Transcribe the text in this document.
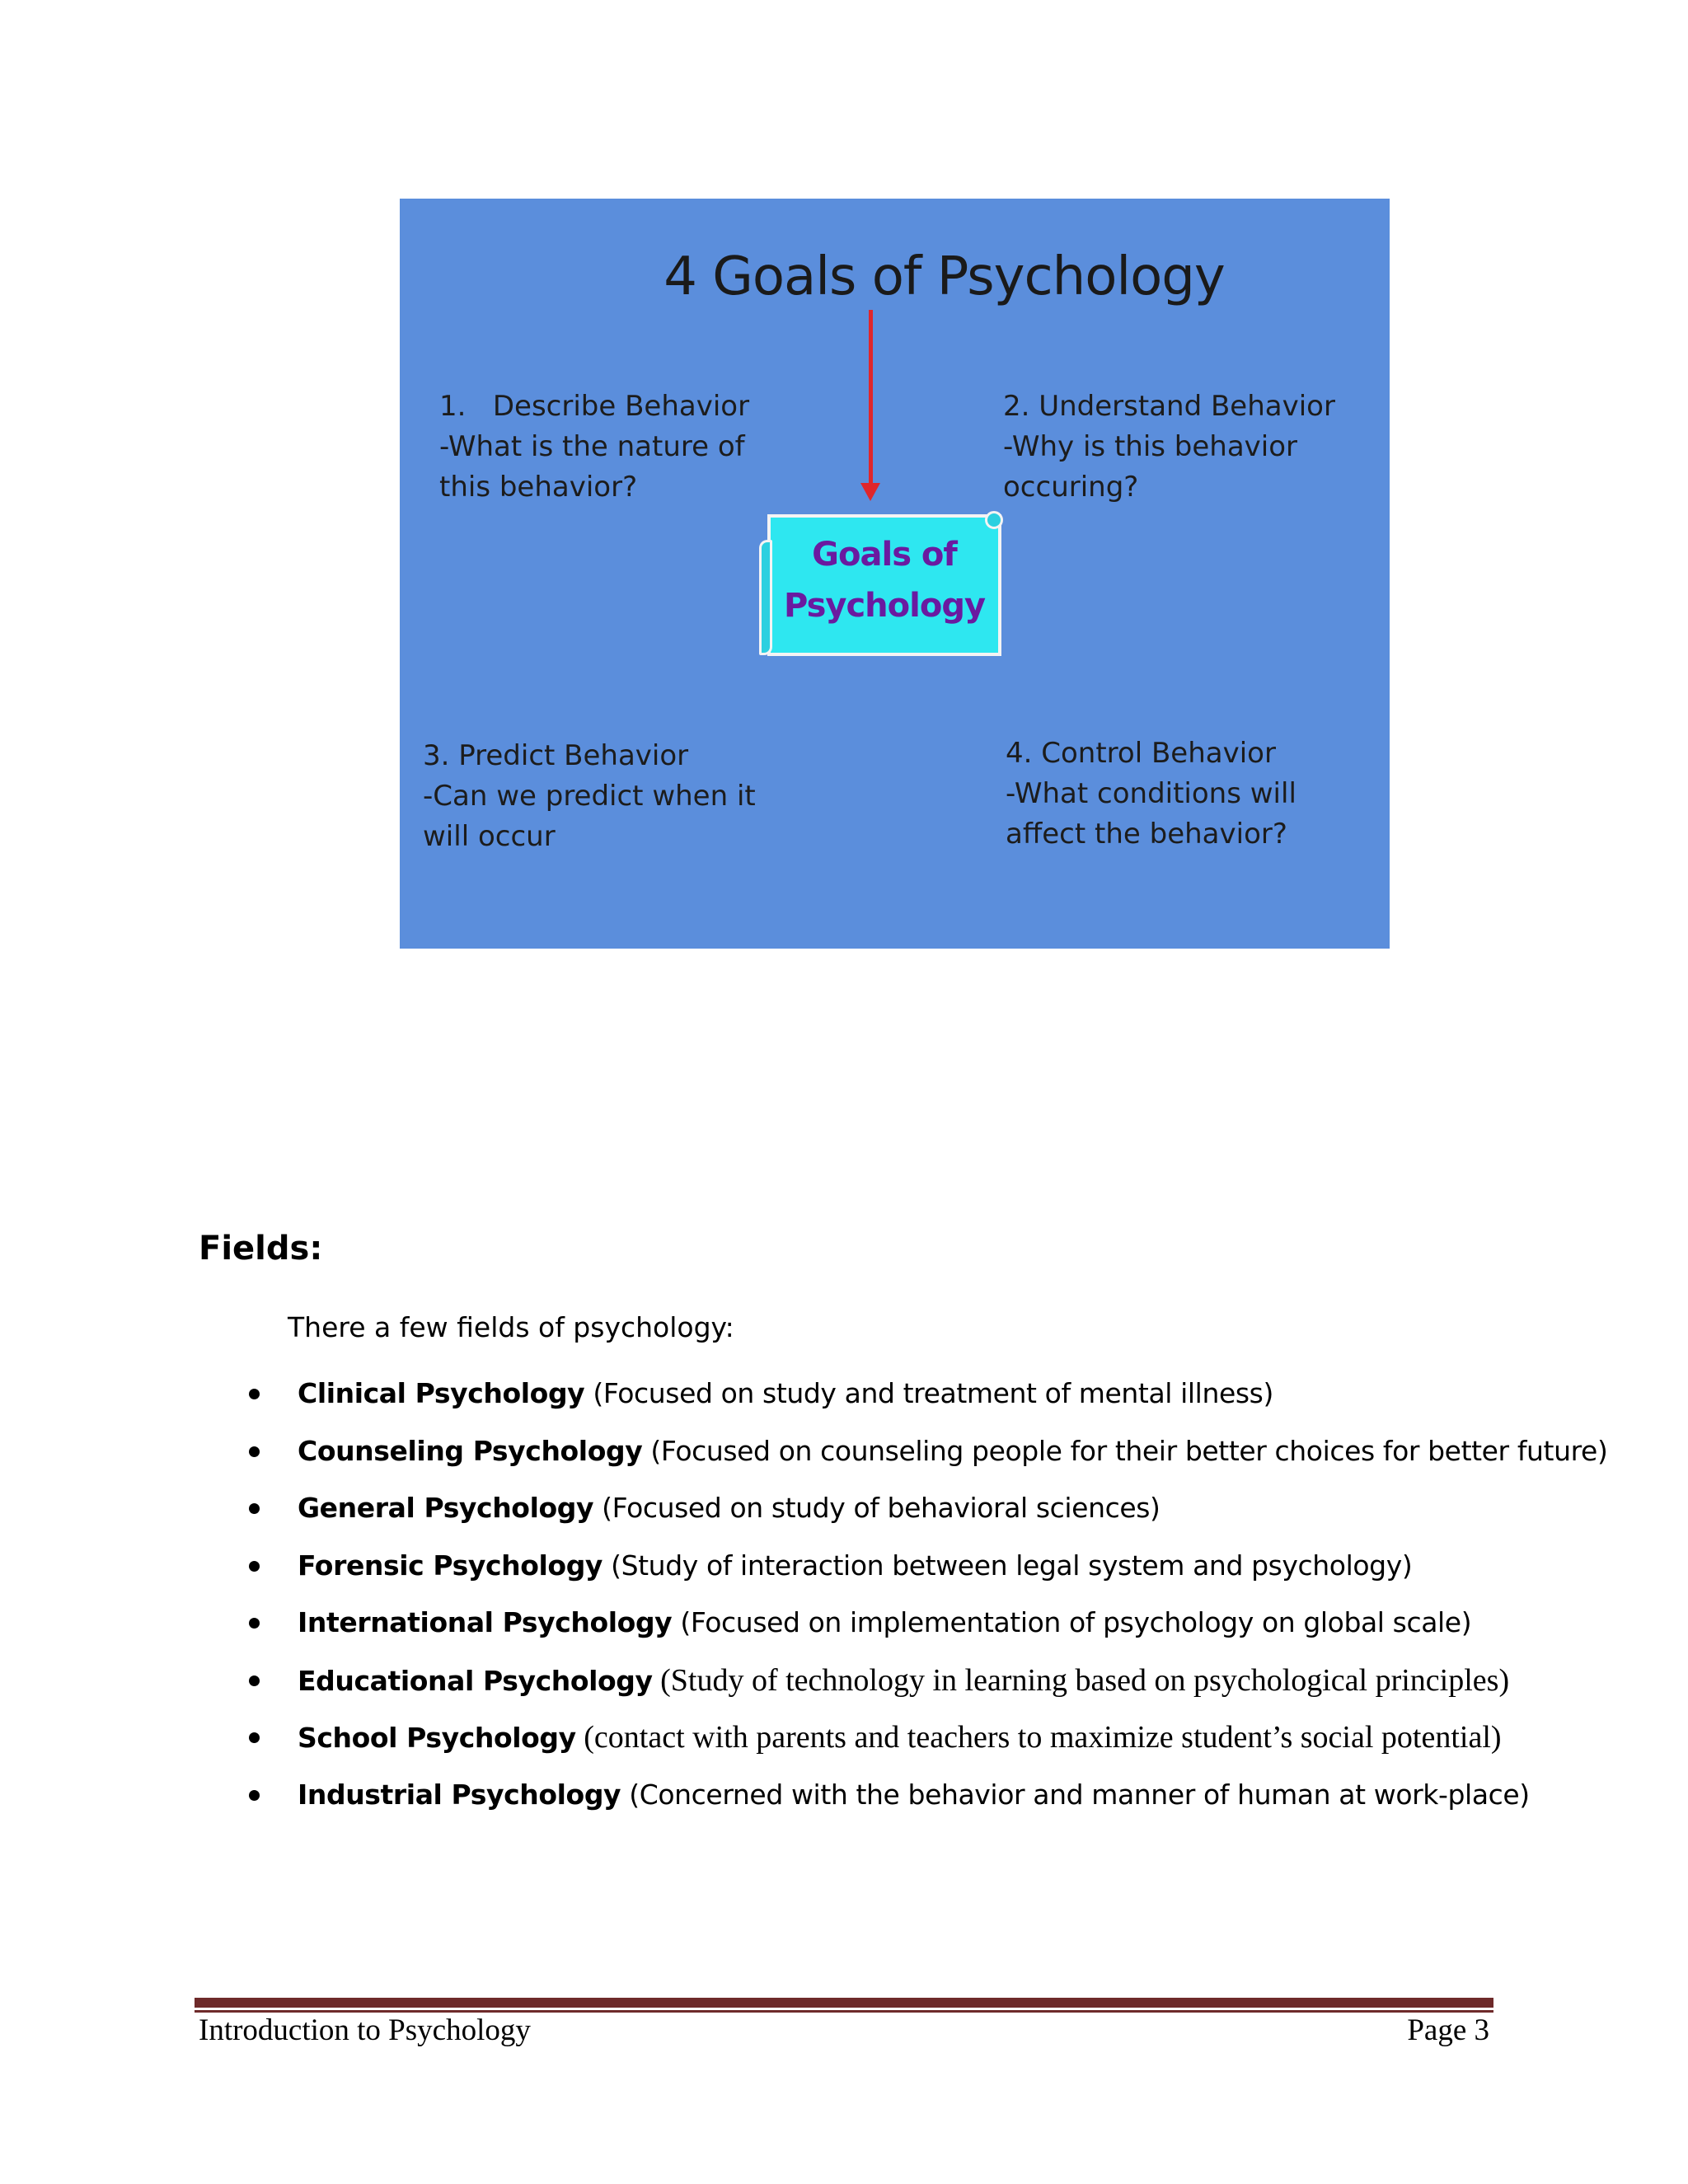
4 Goals of Psychology
1.   Describe Behavior
-What is the nature of
this behavior?
2. Understand Behavior
-Why is this behavior
occuring?
3. Predict Behavior
-Can we predict when it
will occur
4. Control Behavior
-What conditions will
affect the behavior?
Goals of
Psychology
Fields:

There a few fields of psychology:

Clinical Psychology (Focused on study and treatment of mental illness)
Counseling Psychology (Focused on counseling people for their better choices for better future)
General Psychology (Focused on study of behavioral sciences)
Forensic Psychology (Study of interaction between legal system and psychology)
International Psychology (Focused on implementation of psychology on global scale)
Educational Psychology (Study of technology in learning based on psychological principles)
School Psychology (contact with parents and teachers to maximize student’s social potential)
Industrial Psychology (Concerned with the behavior and manner of human at work-place)

Introduction to Psychology	Page 3
